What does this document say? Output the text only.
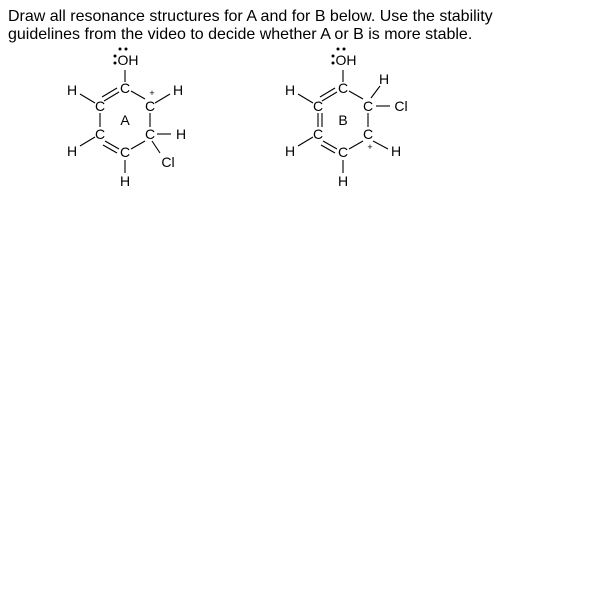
Draw all resonance structures for A and for B below. Use the stability
guidelines from the video to decide whether A or B is more stable.
OH
C
C
+
C
C
C
C
H	H
H
Cl
H
H
A
OH
C
C
C
+
C
C
C
H
H
Cl
H
H
H
B
